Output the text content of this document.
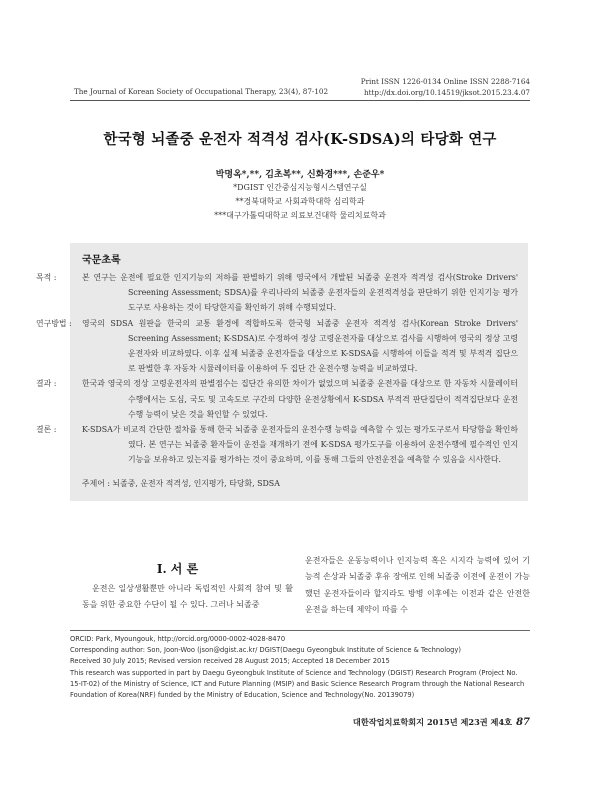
Print ISSN 1226-0134 Online ISSN 2288-7164
The Journal of Korean Society of Occupational Therapy, 23(4), 87-102	http://dx.doi.org/10.14519/jksot.2015.23.4.07
한국형 뇌졸중 운전자 적격성 검사(K-SDSA)의 타당화 연구
박명옥*,**, 김초복**, 신화경***, 손준우*
*DGIST 인간중심지능형시스템연구실
**경북대학교 사회과학대학 심리학과
***대구가톨릭대학교 의료보건대학 물리치료학과
국문초록

목적 :	본 연구는 운전에 필요한 인지기능의 저하를 판별하기 위해 영국에서 개발된 뇌졸중 운전자 적격성 검사(Stroke Drivers' Screening Assessment; SDSA)를 우리나라의 뇌졸중 운전자들의 운전적격성을 판단하기 위한 인지기능 평가도구로 사용하는 것이 타당한지를 확인하기 위해 수행되었다.

연구방법 :영국의 SDSA 원판을 한국의 교통 환경에 적합하도록 한국형 뇌졸중 운전자 적격성 검사(Korean Stroke Drivers' Screening Assessment; K-SDSA)로 수정하여 정상 고령운전자를 대상으로 검사를 시행하여 영국의 정상 고령운전자와 비교하였다. 이후 실제 뇌졸중 운전자들을 대상으로 K-SDSA를 시행하여 이들을 적격 및 부적격 집단으로 판별한 후 자동차 시뮬레이터를 이용하여 두 집단 간 운전수행 능력을 비교하였다.

결과 :	한국과 영국의 정상 고령운전자의 판별점수는 집단간 유의한 차이가 없었으며 뇌졸중 운전자를 대상으로 한 자동차 시뮬레이터 수행에서는 도심, 국도 및 고속도로 구간의 다양한 운전상황에서 K-SDSA 부적격 판단집단이 적격집단보다 운전수행 능력이 낮은 것을 확인할 수 있었다.

결론 :	K-SDSA가 비교적 간단한 절차를 통해 한국 뇌졸중 운전자들의 운전수행 능력을 예측할 수 있는 평가도구로서 타당함을 확인하였다. 본 연구는 뇌졸중 환자들이 운전을 재개하기 전에 K-SDSA 평가도구를 이용하여 운전수행에 필수적인 인지기능을 보유하고 있는지를 평가하는 것이 중요하며, 이를 통해 그들의 안전운전을 예측할 수 있음을 시사한다.

주제어 : 뇌졸중, 운전자 적격성, 인지평가, 타당화, SDSA
Ⅰ. 서 론
운전은 일상생활뿐만 아니라 독립적인 사회적 참여 및 활동을 위한 중요한 수단이 될 수 있다. 그러나 뇌졸중
운전자들은 운동능력이나 인지능력 혹은 시지각 능력에 있어 기능적 손상과 뇌졸중 후유 장애로 인해 뇌졸중 이전에 운전이 가능했던 운전자들이라 할지라도 방병 이후에는 이전과 같은 안전한 운전을 하는데 제약이 따를 수

ORCID: Park, Myoungouk, http://orcid.org/0000-0002-4028-8470

Corresponding author: Son, Joon-Woo (json@dgist.ac.kr/ DGIST(Daegu Gyeongbuk Institute of Science & Technology)

Received 30 July 2015; Revised version received 28 August 2015; Accepted 18 December 2015

This research was supported in part by Daegu Gyeongbuk Institute of Science and Technology (DGIST) Research Program (Project No. 15-IT-02) of the Ministry of Science, ICT and Future Planning (MSIP) and Basic Science Research Program through the National Research Foundation of Korea(NRF) funded by the Ministry of Education, Science and Technology(No. 20139079)

대한작업치료학회지 2015년 제23권 제4호 87
